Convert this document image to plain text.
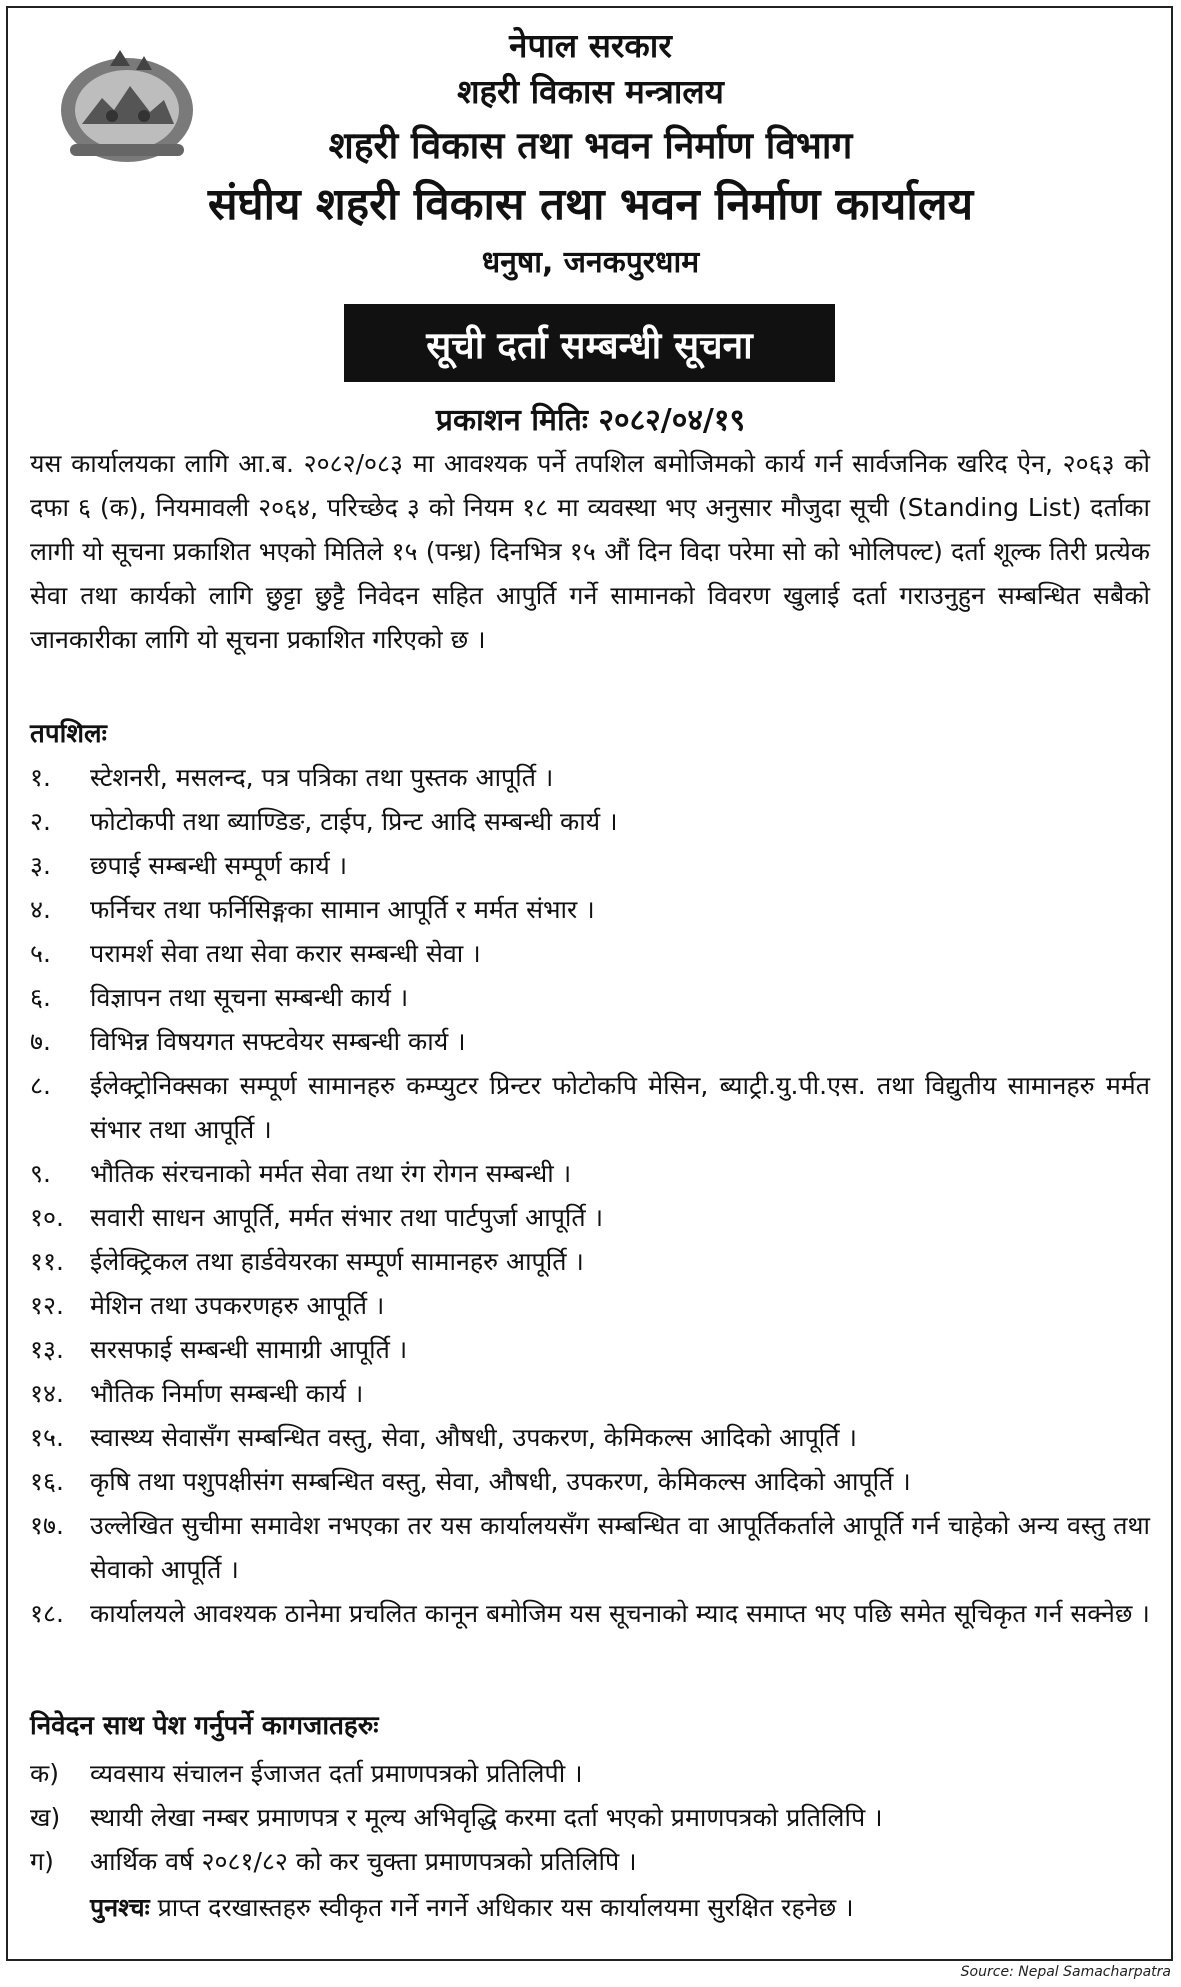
नेपाल सरकार
शहरी विकास मन्त्रालय
शहरी विकास तथा भवन निर्माण विभाग
संघीय शहरी विकास तथा भवन निर्माण कार्यालय
धनुषा, जनकपुरधाम
सूची दर्ता सम्बन्धी सूचना
प्रकाशन मितिः २०८२/०४/१९

यस कार्यालयका लागि आ.ब. २०८२/०८३ मा आवश्यक पर्ने तपशिल बमोजिमको कार्य गर्न सार्वजनिक खरिद ऐन, २०६३ को दफा ६ (क), नियमावली २०६४, परिच्छेद ३ को नियम १८ मा व्यवस्था भए अनुसार मौजुदा सूची (Standing List) दर्ताका लागी यो सूचना प्रकाशित भएको मितिले १५ (पन्ध्र) दिनभित्र १५ औं दिन विदा परेमा सो को भोलिपल्ट) दर्ता शूल्क तिरी प्रत्येक सेवा तथा कार्यको लागि छुट्टा छुट्टै निवेदन सहित आपुर्ति गर्ने सामानको विवरण खुलाई दर्ता गराउनुहुन सम्बन्धित सबैको जानकारीका लागि यो सूचना प्रकाशित गरिएको छ ।

तपशिलः
१.	स्टेशनरी, मसलन्द, पत्र पत्रिका तथा पुस्तक आपूर्ति ।
२.	फोटोकपी तथा ब्याण्डिङ, टाईप, प्रिन्ट आदि सम्बन्धी कार्य ।
३.	छपाई सम्बन्धी सम्पूर्ण कार्य ।
४.	फर्निचर तथा फर्निसिङ्गका सामान आपूर्ति र मर्मत संभार ।
५.	परामर्श सेवा तथा सेवा करार सम्बन्धी सेवा ।
६.	विज्ञापन तथा सूचना सम्बन्धी कार्य ।
७.	विभिन्न विषयगत सफ्टवेयर सम्बन्धी कार्य ।
८.	ईलेक्ट्रोनिक्सका सम्पूर्ण सामानहरु कम्प्युटर प्रिन्टर फोटोकपि मेसिन, ब्याट्री.यु.पी.एस. तथा विद्युतीय सामानहरु मर्मत संभार तथा आपूर्ति ।
९.	भौतिक संरचनाको मर्मत सेवा तथा रंग रोगन सम्बन्धी ।
१०.	सवारी साधन आपूर्ति, मर्मत संभार तथा पार्टपुर्जा आपूर्ति ।
११.	ईलेक्ट्रिकल तथा हार्डवेयरका सम्पूर्ण सामानहरु आपूर्ति ।
१२.	मेशिन तथा उपकरणहरु आपूर्ति ।
१३.	सरसफाई सम्बन्धी सामाग्री आपूर्ति ।
१४.	भौतिक निर्माण सम्बन्धी कार्य ।
१५.	स्वास्थ्य सेवासँग सम्बन्धित वस्तु, सेवा, औषधी, उपकरण, केमिकल्स आदिको आपूर्ति ।
१६.	कृषि तथा पशुपक्षीसंग सम्बन्धित वस्तु, सेवा, औषधी, उपकरण, केमिकल्स आदिको आपूर्ति ।
१७.	उल्लेखित सुचीमा समावेश नभएका तर यस कार्यालयसँग सम्बन्धित वा आपूर्तिकर्ताले आपूर्ति गर्न चाहेको अन्य वस्तु तथा सेवाको आपूर्ति ।
१८.	कार्यालयले आवश्यक ठानेमा प्रचलित कानून बमोजिम यस सूचनाको म्याद समाप्त भए पछि समेत सूचिकृत गर्न सक्नेछ ।
निवेदन साथ पेश गर्नुपर्ने कागजातहरुः
क)	व्यवसाय संचालन ईजाजत दर्ता प्रमाणपत्रको प्रतिलिपी ।
ख)	स्थायी लेखा नम्बर प्रमाणपत्र र मूल्य अभिवृद्धि करमा दर्ता भएको प्रमाणपत्रको प्रतिलिपि ।
ग)	आर्थिक वर्ष २०८१/८२ को कर चुक्ता प्रमाणपत्रको प्रतिलिपि ।
पुनश्चः प्राप्त दरखास्तहरु स्वीकृत गर्ने नगर्ने अधिकार यस कार्यालयमा सुरक्षित रहनेछ ।
Source: Nepal Samacharpatra
